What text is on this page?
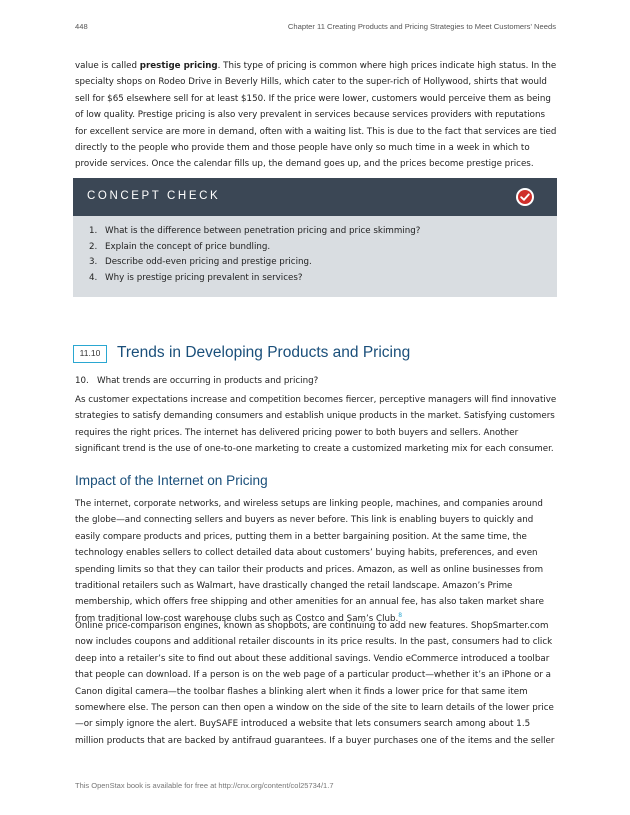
448	Chapter 11 Creating Products and Pricing Strategies to Meet Customers' Needs

value is called prestige pricing. This type of pricing is common where high prices indicate high status. In the specialty shops on Rodeo Drive in Beverly Hills, which cater to the super-rich of Hollywood, shirts that would sell for $65 elsewhere sell for at least $150. If the price were lower, customers would perceive them as being of low quality. Prestige pricing is also very prevalent in services because services providers with reputations for excellent service are more in demand, often with a waiting list. This is due to the fact that services are tied directly to the people who provide them and those people have only so much time in a week in which to provide services. Once the calendar fills up, the demand goes up, and the prices become prestige prices.

CONCEPT CHECK
1. What is the difference between penetration pricing and price skimming?
2. Explain the concept of price bundling.
3. Describe odd-even pricing and prestige pricing.
4. Why is prestige pricing prevalent in services?
11.10	Trends in Developing Products and Pricing
10. What trends are occurring in products and pricing?

As customer expectations increase and competition becomes fiercer, perceptive managers will find innovative strategies to satisfy demanding consumers and establish unique products in the market. Satisfying customers requires the right prices. The internet has delivered pricing power to both buyers and sellers. Another significant trend is the use of one-to-one marketing to create a customized marketing mix for each consumer.

Impact of the Internet on Pricing

The internet, corporate networks, and wireless setups are linking people, machines, and companies around the globe—and connecting sellers and buyers as never before. This link is enabling buyers to quickly and easily compare products and prices, putting them in a better bargaining position. At the same time, the technology enables sellers to collect detailed data about customers’ buying habits, preferences, and even spending limits so that they can tailor their products and prices. Amazon, as well as online businesses from traditional retailers such as Walmart, have drastically changed the retail landscape. Amazon’s Prime membership, which offers free shipping and other amenities for an annual fee, has also taken market share from traditional low-cost warehouse clubs such as Costco and Sam’s Club.$^8$

Online price-comparison engines, known as shopbots, are continuing to add new features. ShopSmarter.com now includes coupons and additional retailer discounts in its price results. In the past, consumers had to click deep into a retailer’s site to find out about these additional savings. Vendio eCommerce introduced a toolbar that people can download. If a person is on the web page of a particular product—whether it’s an iPhone or a Canon digital camera—the toolbar flashes a blinking alert when it finds a lower price for that same item somewhere else. The person can then open a window on the side of the site to learn details of the lower price—or simply ignore the alert. BuySAFE introduced a website that lets consumers search among about 1.5 million products that are backed by antifraud guarantees. If a buyer purchases one of the items and the seller

This OpenStax book is available for free at http://cnx.org/content/col25734/1.7
